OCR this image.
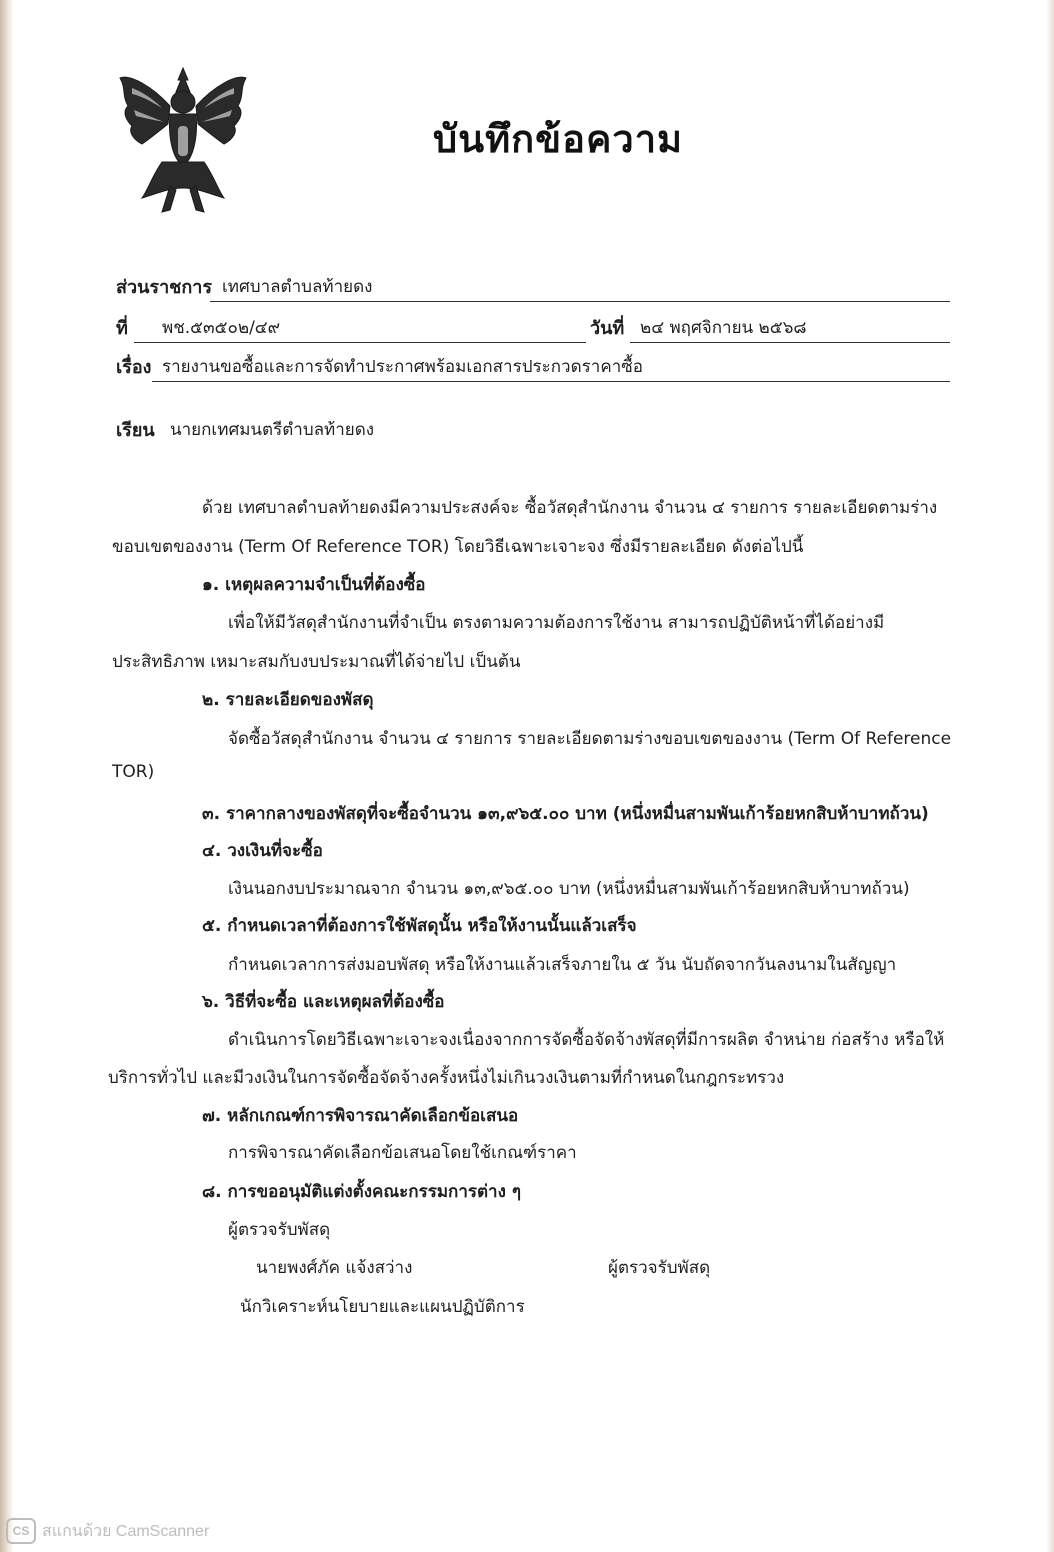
บันทึกข้อความ
ส่วนราชการ เทศบาลตำบลท้ายดง
ที่ พช.๕๓๕๐๒/๔๙	วันที่ ๒๔ พฤศจิกายน ๒๕๖๘
เรื่อง รายงานขอซื้อและการจัดทำประกาศพร้อมเอกสารประกวดราคาซื้อ
เรียน นายกเทศมนตรีตำบลท้ายดง
ด้วย เทศบาลตำบลท้ายดงมีความประสงค์จะ ซื้อวัสดุสำนักงาน จำนวน ๔ รายการ รายละเอียดตามร่าง
ขอบเขตของงาน (Term Of Reference TOR) โดยวิธีเฉพาะเจาะจง ซึ่งมีรายละเอียด ดังต่อไปนี้
๑. เหตุผลความจำเป็นที่ต้องซื้อ
เพื่อให้มีวัสดุสำนักงานที่จำเป็น ตรงตามความต้องการใช้งาน สามารถปฏิบัติหน้าที่ได้อย่างมี
ประสิทธิภาพ เหมาะสมกับงบประมาณที่ได้จ่ายไป เป็นต้น
๒. รายละเอียดของพัสดุ
จัดซื้อวัสดุสำนักงาน จำนวน ๔ รายการ รายละเอียดตามร่างขอบเขตของงาน (Term Of Reference
TOR)
๓. ราคากลางของพัสดุที่จะซื้อจำนวน ๑๓,๙๖๕.๐๐ บาท (หนึ่งหมื่นสามพันเก้าร้อยหกสิบห้าบาทถ้วน)
๔. วงเงินที่จะซื้อ
เงินนอกงบประมาณจาก จำนวน ๑๓,๙๖๕.๐๐ บาท (หนึ่งหมื่นสามพันเก้าร้อยหกสิบห้าบาทถ้วน)
๕. กำหนดเวลาที่ต้องการใช้พัสดุนั้น หรือให้งานนั้นแล้วเสร็จ
กำหนดเวลาการส่งมอบพัสดุ หรือให้งานแล้วเสร็จภายใน ๕ วัน นับถัดจากวันลงนามในสัญญา
๖. วิธีที่จะซื้อ และเหตุผลที่ต้องซื้อ
ดำเนินการโดยวิธีเฉพาะเจาะจงเนื่องจากการจัดซื้อจัดจ้างพัสดุที่มีการผลิต จำหน่าย ก่อสร้าง หรือให้
บริการทั่วไป และมีวงเงินในการจัดซื้อจัดจ้างครั้งหนึ่งไม่เกินวงเงินตามที่กำหนดในกฎกระทรวง
๗. หลักเกณฑ์การพิจารณาคัดเลือกข้อเสนอ
การพิจารณาคัดเลือกข้อเสนอโดยใช้เกณฑ์ราคา
๘. การขออนุมัติแต่งตั้งคณะกรรมการต่าง ๆ
ผู้ตรวจรับพัสดุ
นายพงศ์ภัค แจ้งสว่าง	ผู้ตรวจรับพัสดุ
นักวิเคราะห์นโยบายและแผนปฏิบัติการ
CS สแกนด้วย CamScanner
